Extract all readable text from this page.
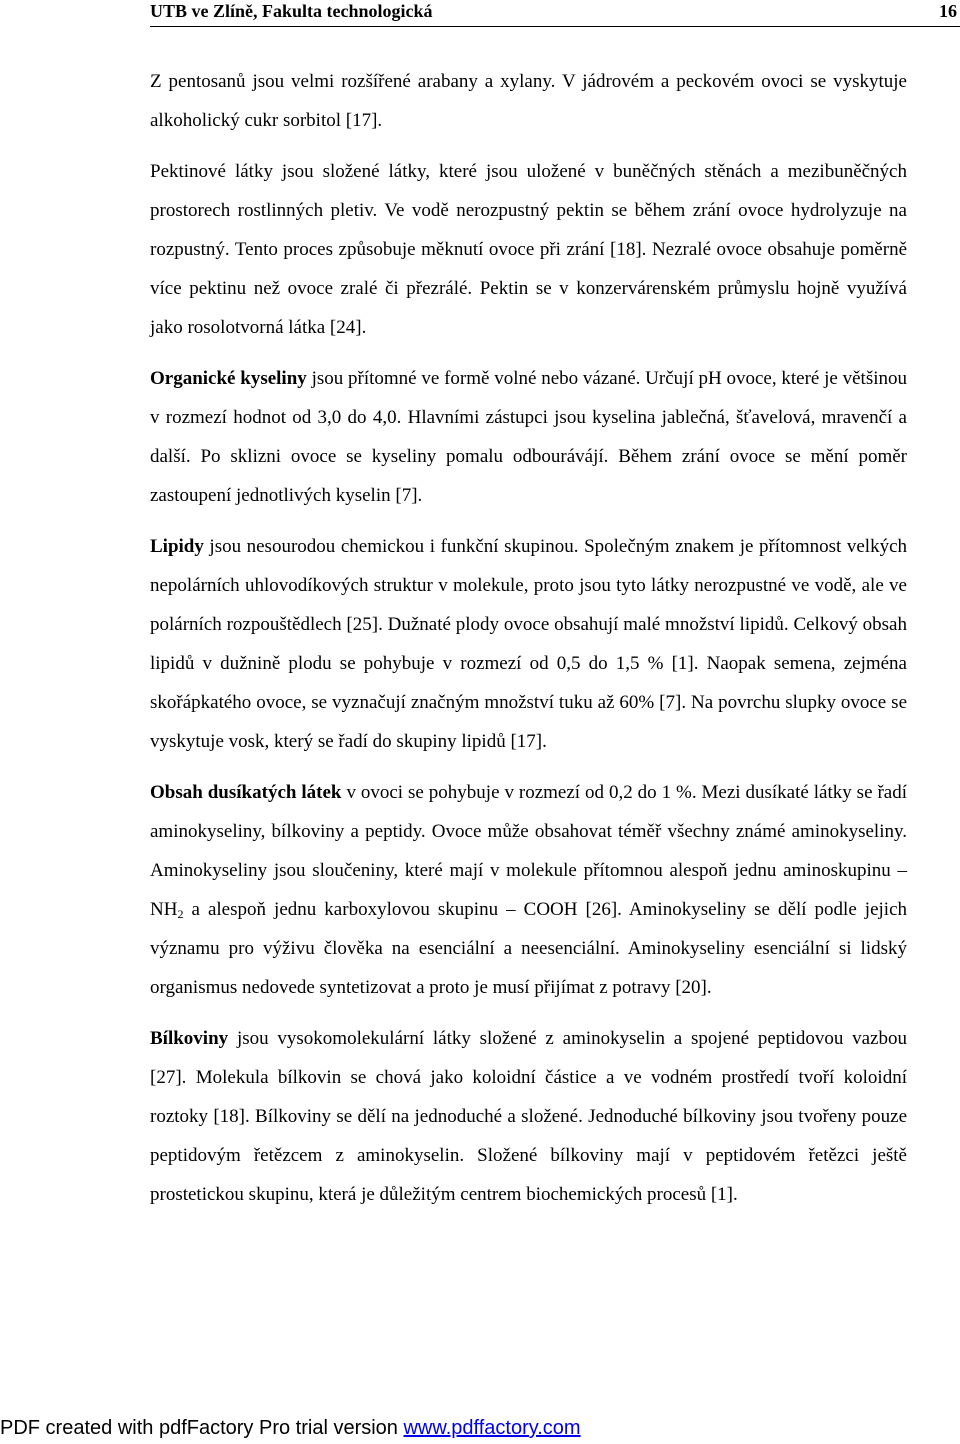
UTB ve Zlíně, Fakulta technologická	16

Z pentosanů jsou velmi rozšířené arabany a xylany. V jádrovém a peckovém ovoci se vyskytuje alkoholický cukr sorbitol [17].

Pektinové látky jsou složené látky, které jsou uložené v buněčných stěnách a mezibuněčných prostorech rostlinných pletiv. Ve vodě nerozpustný pektin se během zrání ovoce hydrolyzuje na rozpustný. Tento proces způsobuje měknutí ovoce při zrání [18]. Nezralé ovoce obsahuje poměrně více pektinu než ovoce zralé či přezrálé. Pektin se v konzervárenském průmyslu hojně využívá jako rosolotvorná látka [24].

Organické kyseliny jsou přítomné ve formě volné nebo vázané. Určují pH ovoce, které je většinou v rozmezí hodnot od 3,0 do 4,0. Hlavními zástupci jsou kyselina jablečná, šťavelová, mravenčí a další. Po sklizni ovoce se kyseliny pomalu odbourávájí. Během zrání ovoce se mění poměr zastoupení jednotlivých kyselin [7].

Lipidy jsou nesourodou chemickou i funkční skupinou. Společným znakem je přítomnost velkých nepolárních uhlovodíkových struktur v molekule, proto jsou tyto látky nerozpustné ve vodě, ale ve polárních rozpouštědlech [25]. Dužnaté plody ovoce obsahují malé množství lipidů. Celkový obsah lipidů v dužnině plodu se pohybuje v rozmezí od 0,5 do 1,5 % [1]. Naopak semena, zejména skořápkatého ovoce, se vyznačují značným množství tuku až 60% [7]. Na povrchu slupky ovoce se vyskytuje vosk, který se řadí do skupiny lipidů [17].

Obsah dusíkatých látek v ovoci se pohybuje v rozmezí od 0,2 do 1 %. Mezi dusíkaté látky se řadí aminokyseliny, bílkoviny a peptidy. Ovoce může obsahovat téměř všechny známé aminokyseliny. Aminokyseliny jsou sloučeniny, které mají v molekule přítomnou alespoň jednu aminoskupinu – $NH_2$ a alespoň jednu karboxylovou skupinu – COOH [26]. Aminokyseliny se dělí podle jejich významu pro výživu člověka na esenciální a neesenciální. Aminokyseliny esenciální si lidský organismus nedovede syntetizovat a proto je musí přijímat z potravy [20].

Bílkoviny jsou vysokomolekulární látky složené z aminokyselin a spojené peptidovou vazbou [27]. Molekula bílkovin se chová jako koloidní částice a ve vodném prostředí tvoří koloidní roztoky [18]. Bílkoviny se dělí na jednoduché a složené. Jednoduché bílkoviny jsou tvořeny pouze peptidovým řetězcem z aminokyselin. Složené bílkoviny mají v peptidovém řetězci ještě prostetickou skupinu, která je důležitým centrem biochemických procesů [1].

PDF created with pdfFactory Pro trial version www.pdffactory.com
